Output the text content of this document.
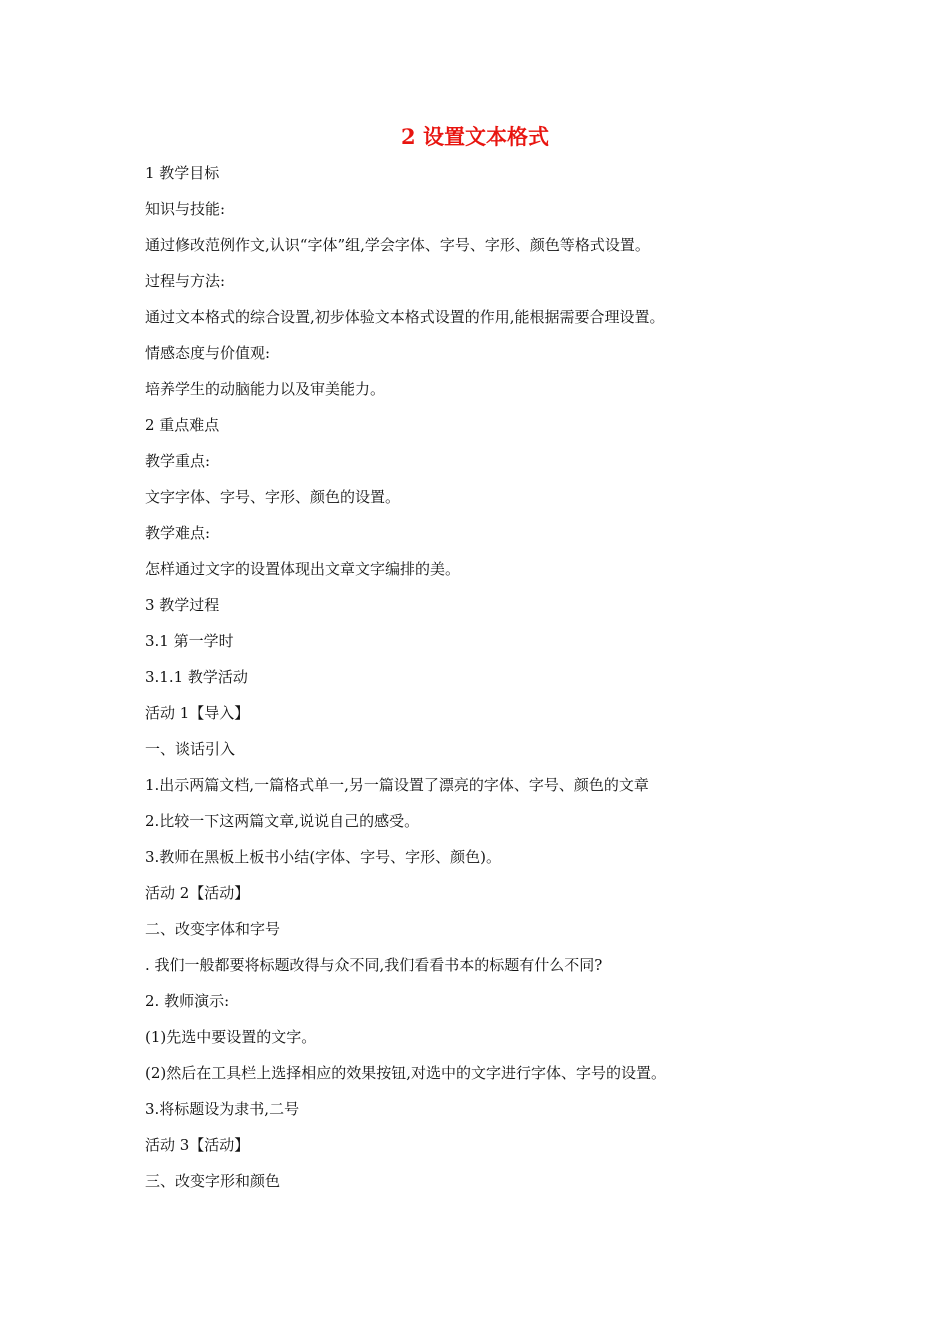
2 设置文本格式
1 教学目标
知识与技能:
通过修改范例作文,认识“字体”组,学会字体、字号、字形、颜色等格式设置。
过程与方法:
通过文本格式的综合设置,初步体验文本格式设置的作用,能根据需要合理设置。
情感态度与价值观:
培养学生的动脑能力以及审美能力。
2 重点难点
教学重点:
文字字体、字号、字形、颜色的设置。
教学难点:
怎样通过文字的设置体现出文章文字编排的美。
3 教学过程
3.1 第一学时
3.1.1 教学活动
活动 1【导入】
一、谈话引入
1.出示两篇文档,一篇格式单一,另一篇设置了漂亮的字体、字号、颜色的文章
2.比较一下这两篇文章,说说自己的感受。
3.教师在黑板上板书小结(字体、字号、字形、颜色)。
活动 2【活动】
二、改变字体和字号
. 我们一般都要将标题改得与众不同,我们看看书本的标题有什么不同?
2. 教师演示:
(1)先选中要设置的文字。
(2)然后在工具栏上选择相应的效果按钮,对选中的文字进行字体、字号的设置。
3.将标题设为隶书,二号
活动 3【活动】
三、改变字形和颜色
